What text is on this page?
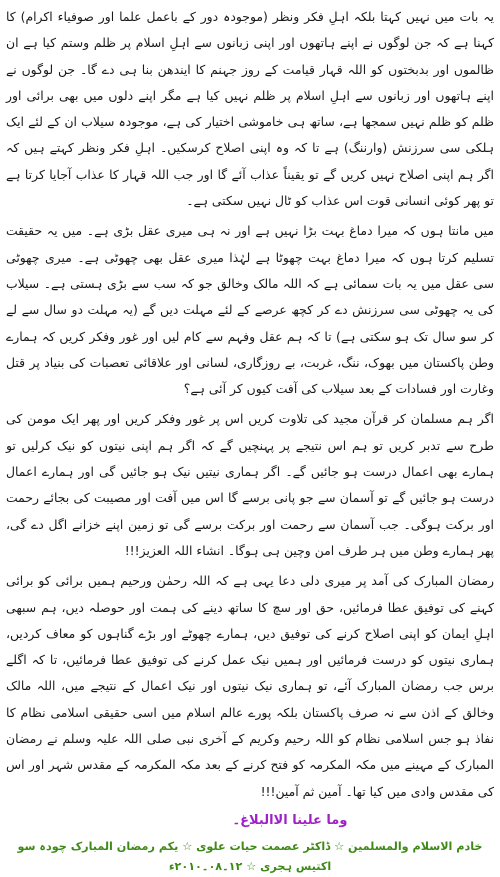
یہ بات میں نہیں کہتا بلکہ اہلِ فکر ونظر (موجودہ دور کے باعمل علما اور صوفیاء اکرام) کا کہنا ہے کہ جن لوگوں نے اپنے ہاتھوں اور اپنی زبانوں سے اہلِ اسلام پر ظلم وستم کیا ہے ان ظالموں اور بدبختوں کو اللہ قہار قیامت کے روز جہنم کا ایندھن بنا ہی دے گا۔ جن لوگوں نے اپنے ہاتھوں اور زبانوں سے اہلِ اسلام پر ظلم نہیں کیا ہے مگر اپنے دلوں میں بھی برائی اور ظلم کو ظلم نہیں سمجھا ہے، ساتھ ہی خاموشی اختیار کی ہے، موجودہ سیلاب ان کے لئے ایک ہلکی سی سرزنش (وارننگ) ہے تا کہ وہ اپنی اصلاح کرسکیں۔ اہلِ فکر ونظر کہتے ہیں کہ اگر ہم اپنی اصلاح نہیں کریں گے تو یقیناً عذاب آئے گا اور جب اللہ قہار کا عذاب آجایا کرتا ہے تو پھر کوئی انسانی قوت اس عذاب کو ٹال نہیں سکتی ہے۔

میں مانتا ہوں کہ میرا دماغ بہت بڑا نہیں ہے اور نہ ہی میری عقل بڑی ہے۔ میں یہ حقیقت تسلیم کرتا ہوں کہ میرا دماغ بہت چھوٹا ہے لہٰذا میری عقل بھی چھوٹی ہے۔ میری چھوٹی سی عقل میں یہ بات سمائی ہے کہ اللہ مالک وخالق جو کہ سب سے بڑی ہستی ہے۔ سیلاب کی یہ چھوٹی سی سرزنش دے کر کچھ عرصے کے لئے مہلت دیں گے (یہ مہلت دو سال سے لے کر سو سال تک ہو سکتی ہے) تا کہ ہم عقل وفہم سے کام لیں اور غور وفکر کریں کہ ہمارے وطن پاکستان میں بھوک، ننگ، غربت، بے روزگاری، لسانی اور علاقائی تعصبات کی بنیاد پر قتل وغارت اور فسادات کے بعد سیلاب کی آفت کیوں کر آئی ہے؟

اگر ہم مسلمان کر قرآن مجید کی تلاوت کریں اس پر غور وفکر کریں اور پھر ایک مومن کی طرح سے تدبر کریں تو ہم اس نتیجے پر پہنچیں گے کہ اگر ہم اپنی نیتوں کو نیک کرلیں تو ہمارے بھی اعمال درست ہو جائیں گے۔ اگر ہماری نیتیں نیک ہو جائیں گی اور ہمارے اعمال درست ہو جائیں گے تو آسمان سے جو پانی برسے گا اس میں آفت اور مصیبت کی بجائے رحمت اور برکت ہوگی۔ جب آسمان سے رحمت اور برکت برسے گی تو زمین اپنے خزانے اگل دے گی، پھر ہمارے وطن میں ہر طرف امن وچین ہی ہوگا۔ انشاء اللہ العزیز!!!

رمضان المبارک کی آمد پر میری دلی دعا یہی ہے کہ اللہ رحمٰن ورحیم ہمیں برائی کو برائی کہنے کی توفیق عطا فرمائیں، حق اور سچ کا ساتھ دینے کی ہمت اور حوصلہ دیں، ہم سبھی اہلِ ایمان کو اپنی اصلاح کرنے کی توفیق دیں، ہمارے چھوٹے اور بڑے گناہوں کو معاف کردیں، ہماری نیتوں کو درست فرمائیں اور ہمیں نیک عمل کرنے کی توفیق عطا فرمائیں، تا کہ اگلے برس جب رمضان المبارک آئے، تو ہماری نیک نیتوں اور نیک اعمال کے نتیجے میں، اللہ مالک وخالق کے اذن سے نہ صرف پاکستان بلکہ پورے عالم اسلام میں اسی حقیقی اسلامی نظام کا نفاذ ہو جس اسلامی نظام کو اللہ رحیم وکریم کے آخری نبی صلی اللہ علیہ وسلم نے رمضان المبارک کے مہینے میں مکہ المکرمہ کو فتح کرنے کے بعد مکہ المکرمہ کے مقدس شہر اور اس کی مقدس وادی میں کیا تھا۔ آمین ثم آمین!!!

وما علینا الاالبلاغ۔

خادم الاسلام والمسلمین ☆ ڈاکٹر عصمت حیات علوی ☆ یکم رمضان المبارک چودہ سو اکتیس ہجری ☆ ۱۲۔۰۸۔۲۰۱۰ء
